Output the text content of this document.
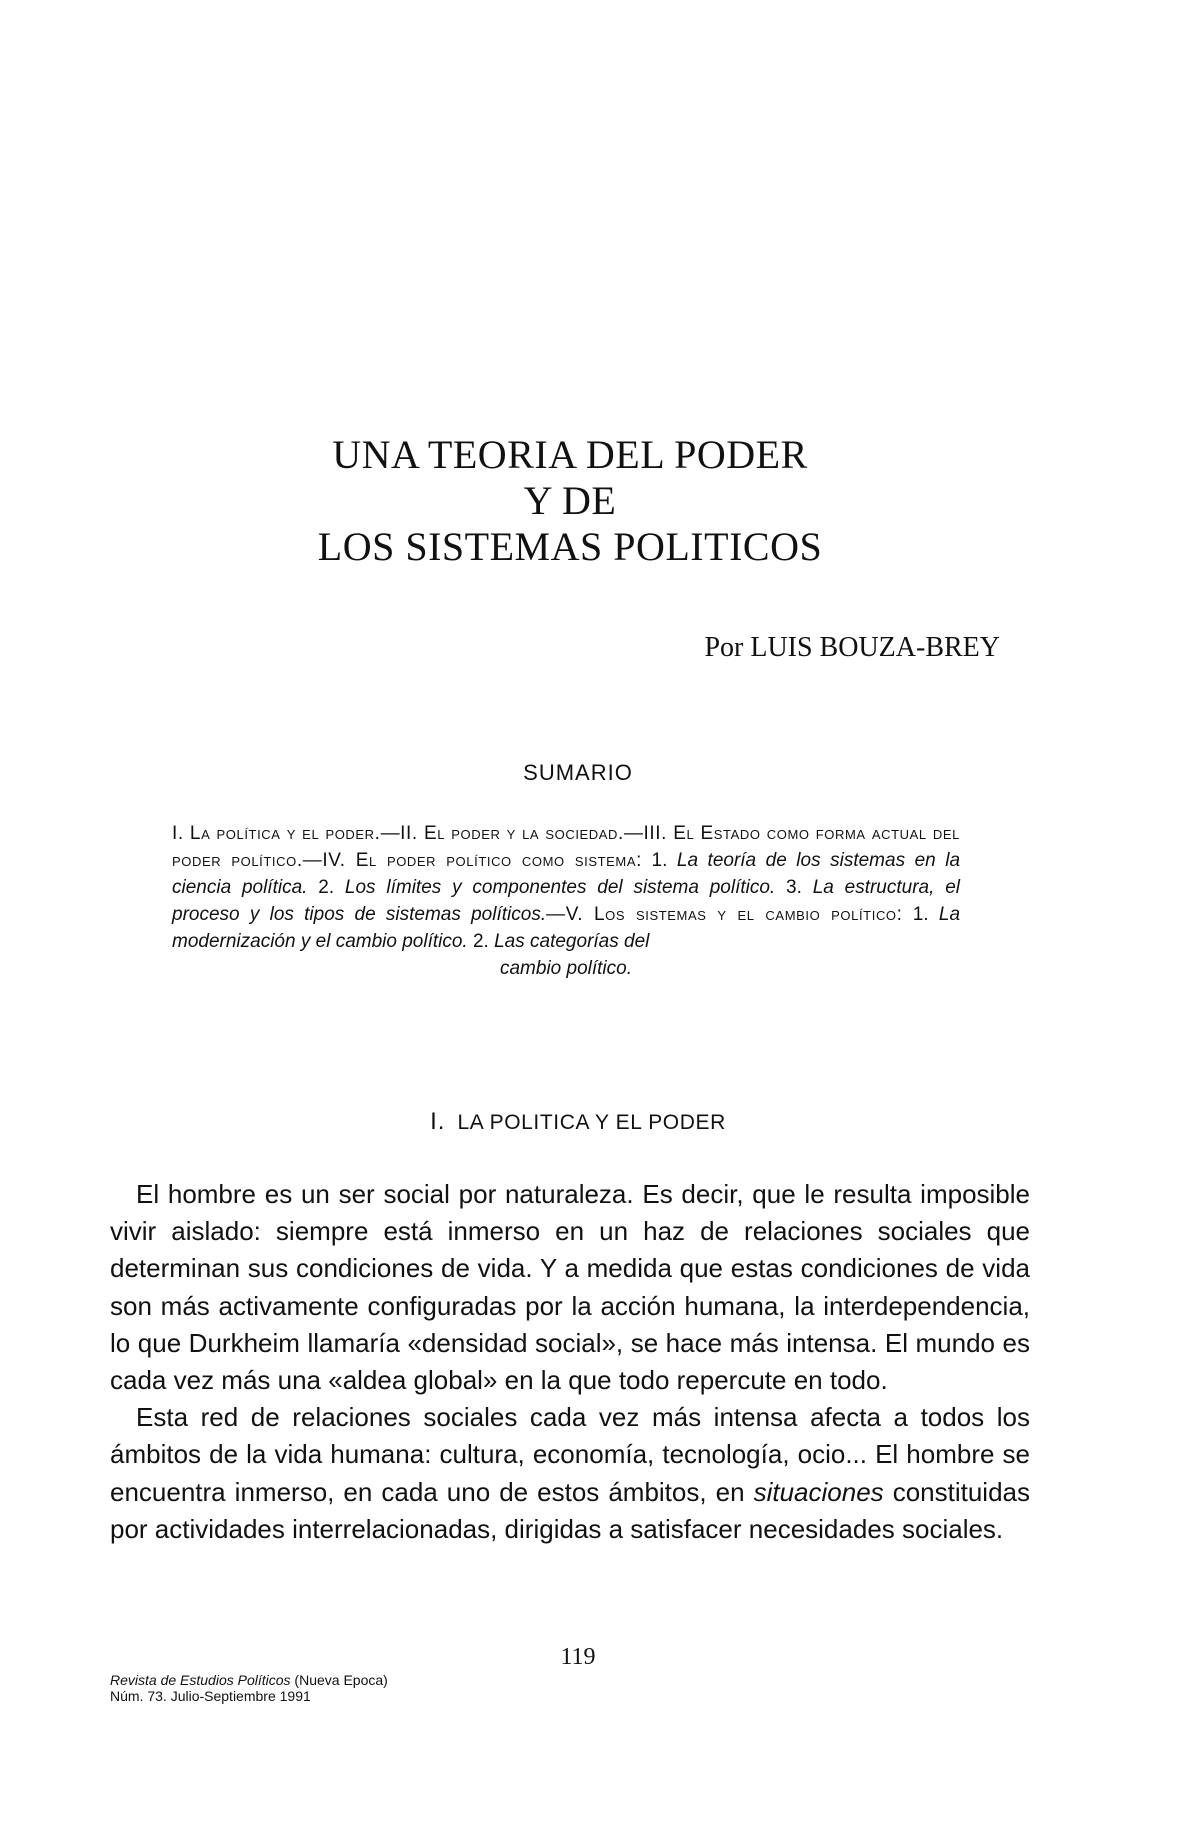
UNA TEORIA DEL PODER
Y DE
LOS SISTEMAS POLITICOS
Por LUIS BOUZA-BREY
SUMARIO
I. La política y el poder.—II. El poder y la sociedad.—III. El Estado como forma actual del poder político.—IV. El poder político como sistema: 1. La teoría de los sistemas en la ciencia política. 2. Los límites y componentes del sistema político. 3. La estructura, el proceso y los tipos de sistemas políticos.—V. Los sistemas y el cambio político: 1. La modernización y el cambio político. 2. Las categorías del
cambio político.
I. LA POLITICA Y EL PODER

El hombre es un ser social por naturaleza. Es decir, que le resulta imposible vivir aislado: siempre está inmerso en un haz de relaciones sociales que determinan sus condiciones de vida. Y a medida que estas condiciones de vida son más activamente configuradas por la acción humana, la interdependencia, lo que Durkheim llamaría «densidad social», se hace más intensa. El mundo es cada vez más una «aldea global» en la que todo repercute en todo.

Esta red de relaciones sociales cada vez más intensa afecta a todos los ámbitos de la vida humana: cultura, economía, tecnología, ocio... El hombre se encuentra inmerso, en cada uno de estos ámbitos, en situaciones constituidas por actividades interrelacionadas, dirigidas a satisfacer necesidades sociales.

119
Revista de Estudios Políticos (Nueva Epoca)
Núm. 73. Julio-Septiembre 1991
